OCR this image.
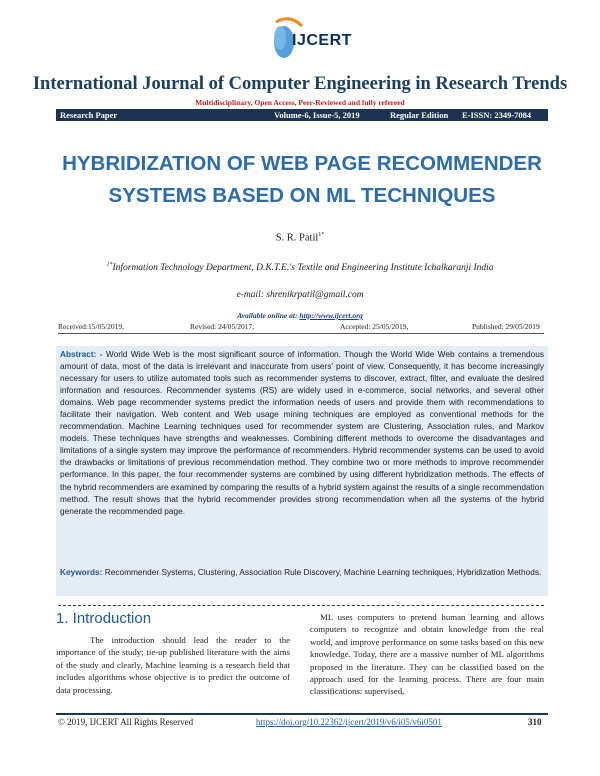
IJCERT
International Journal of Computer Engineering in Research Trends
Multidisciplinary, Open Access, Peer-Reviewed and fully refereed
Research Paper	Volume-6, Issue-5, 2019	Regular Edition E-ISSN: 2349-7084
HYBRIDIZATION OF WEB PAGE RECOMMENDER
SYSTEMS BASED ON ML TECHNIQUES
S. R. Patil$^{1*}$
$^{1*}$Information Technology Department, D.K.T.E.'s Textile and Engineering Institute Ichalkaranji India
e-mail: shrenikrpatil@gmail.com
Available online at: http://www.ijcert.org
Received:15/05/2019,	Revised: 24/05/2017,	Accepted: 25/05/2019,	Published: 29/05/2019
Abstract: - World Wide Web is the most significant source of information. Though the World Wide Web contains a tremendous amount of data, most of the data is irrelevant and inaccurate from users' point of view. Consequently, it has become increasingly necessary for users to utilize automated tools such as recommender systems to discover, extract, filter, and evaluate the desired information and resources. Recommender systems (RS) are widely used in e-commerce, social networks, and several other domains. Web page recommender systems predict the information needs of users and provide them with recommendations to facilitate their navigation. Web content and Web usage mining techniques are employed as conventional methods for the recommendation. Machine Learning techniques used for recommender system are Clustering, Association rules, and Markov models. These techniques have strengths and weaknesses. Combining different methods to overcome the disadvantages and limitations of a single system may improve the performance of recommenders. Hybrid recommender systems can be used to avoid the drawbacks or limitations of previous recommendation method. They combine two or more methods to improve recommender performance. In this paper, the four recommender systems are combined by using different hybridization methods. The effects of the hybrid recommenders are examined by comparing the results of a hybrid system against the results of a single recommendation method. The result shows that the hybrid recommender provides strong recommendation when all the systems of the hybrid generate the recommended page.
Keywords: Recommender Systems, Clustering, Association Rule Discovery, Machine Learning techniques, Hybridization Methods.
1. Introduction

The introduction should lead the reader to the importance of the study; tie-up published literature with the aims of the study and clearly, Machine learning is a research field that includes algorithms whose objective is to predict the outcome of data processing.

ML uses computers to pretend human learning and allows computers to recognize and obtain knowledge from the real world, and improve performance on some tasks based on this new knowledge. Today, there are a massive number of ML algorithms proposed in the literature. They can be classified based on the approach used for the learning process. There are four main classifications: supervised,

© 2019, IJCERT All Rights Reserved	https://doi.org/10.22362/ijcert/2019/v6/i05/v6i0501	310
